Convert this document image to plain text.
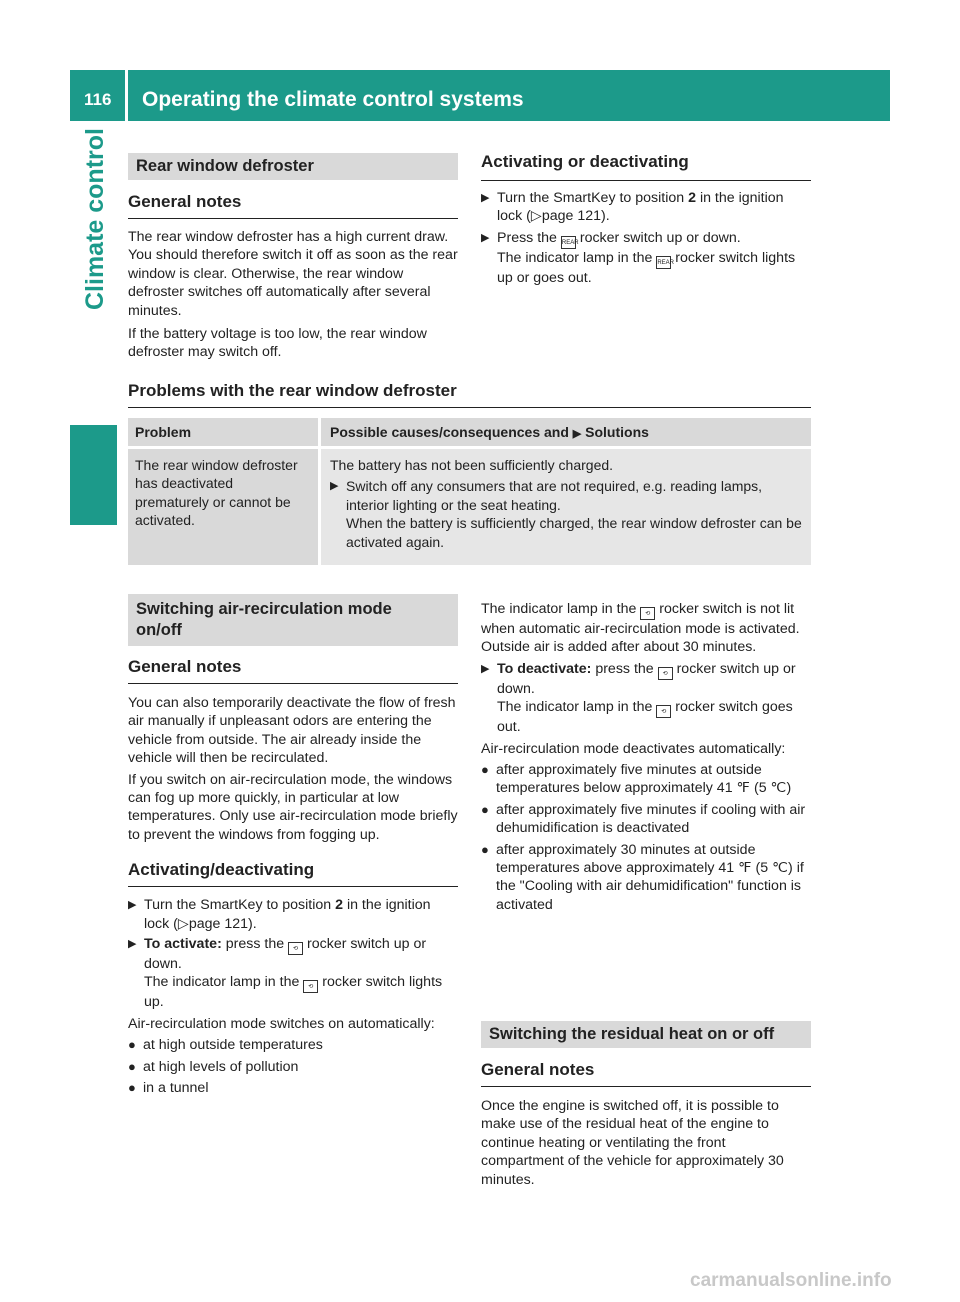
116 Operating the climate control systems
Climate control	Rear window defroster
General notes

The rear window defroster has a high current draw. You should therefore switch it off as soon as the rear window is clear. Otherwise, the rear window defroster switches off automatically after several minutes.

If the battery voltage is too low, the rear window defroster may switch off.

Activating or deactivating
▶ Turn the SmartKey to position 2 in the ignition lock (▷page 121).
▶ Press the REAR rocker switch up or down.
The indicator lamp in the REAR rocker switch lights up or goes out.
Problems with the rear window defroster
Problem	Possible causes/consequences and ▶ Solutions

The rear window defroster has deactivated prematurely or cannot be activated.	The battery has not been sufficiently charged.

▶ Switch off any consumers that are not required, e.g. reading lamps, interior lighting or the seat heating.
When the battery is sufficiently charged, the rear window defroster can be activated again.
Switching air-recirculation mode
on/off
General notes

You can also temporarily deactivate the flow of fresh air manually if unpleasant odors are entering the vehicle from outside. The air already inside the vehicle will then be recirculated.

If you switch on air-recirculation mode, the windows can fog up more quickly, in particular at low temperatures. Only use air-recirculation mode briefly to prevent the windows from fogging up.

Activating/deactivating
▶ Turn the SmartKey to position 2 in the ignition lock (▷page 121).
▶ To activate: press the ⟲ rocker switch up or down.
The indicator lamp in the ⟲ rocker switch lights up.

Air-recirculation mode switches on automatically:

● at high outside temperatures
● at high levels of pollution
● in a tunnel

The indicator lamp in the ⟲ rocker switch is not lit when automatic air-recirculation mode is activated. Outside air is added after about 30 minutes.

▶ To deactivate: press the ⟲ rocker switch up or down.
The indicator lamp in the ⟲ rocker switch goes out.

Air-recirculation mode deactivates automatically:

● after approximately five minutes at outside temperatures below approximately 41 ℉ (5 ℃)
● after approximately five minutes if cooling with air dehumidification is deactivated
● after approximately 30 minutes at outside temperatures above approximately 41 ℉ (5 ℃) if the "Cooling with air dehumidification" function is activated
Switching the residual heat on or off
General notes

Once the engine is switched off, it is possible to make use of the residual heat of the engine to continue heating or ventilating the front compartment of the vehicle for approximately 30 minutes.

carmanualsonline.info
